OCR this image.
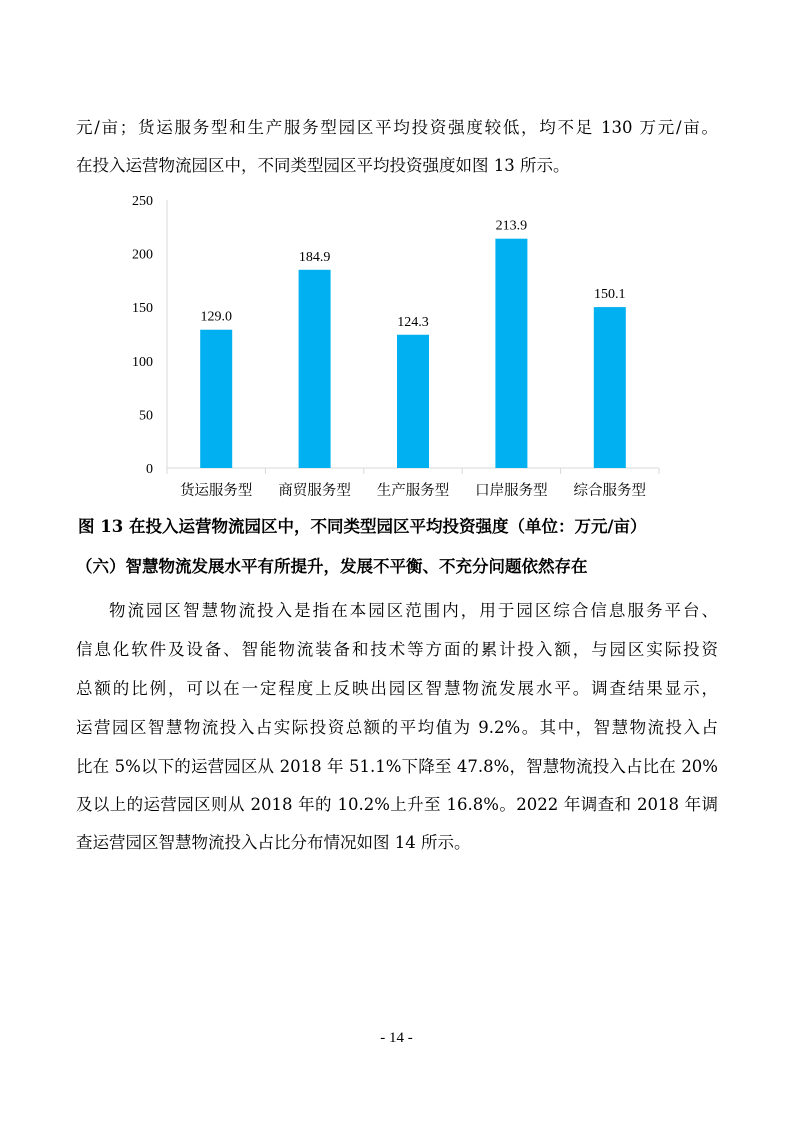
元/亩；货运服务型和生产服务型园区平均投资强度较低，均不足 130 万元/亩。
在投入运营物流园区中，不同类型园区平均投资强度如图 13 所示。
0
50
100
150
200
250
129.0
货运服务型
184.9
商贸服务型
124.3
生产服务型
213.9
口岸服务型
150.1
综合服务型
图 13 在投入运营物流园区中，不同类型园区平均投资强度（单位：万元/亩）
（六）智慧物流发展水平有所提升，发展不平衡、不充分问题依然存在
物流园区智慧物流投入是指在本园区范围内，用于园区综合信息服务平台、
信息化软件及设备、智能物流装备和技术等方面的累计投入额，与园区实际投资
总额的比例，可以在一定程度上反映出园区智慧物流发展水平。调查结果显示，
运营园区智慧物流投入占实际投资总额的平均值为 9.2%。其中，智慧物流投入占
比在 5%以下的运营园区从 2018 年 51.1%下降至 47.8%，智慧物流投入占比在 20%
及以上的运营园区则从 2018 年的 10.2%上升至 16.8%。2022 年调查和 2018 年调
查运营园区智慧物流投入占比分布情况如图 14 所示。
- 14 -
